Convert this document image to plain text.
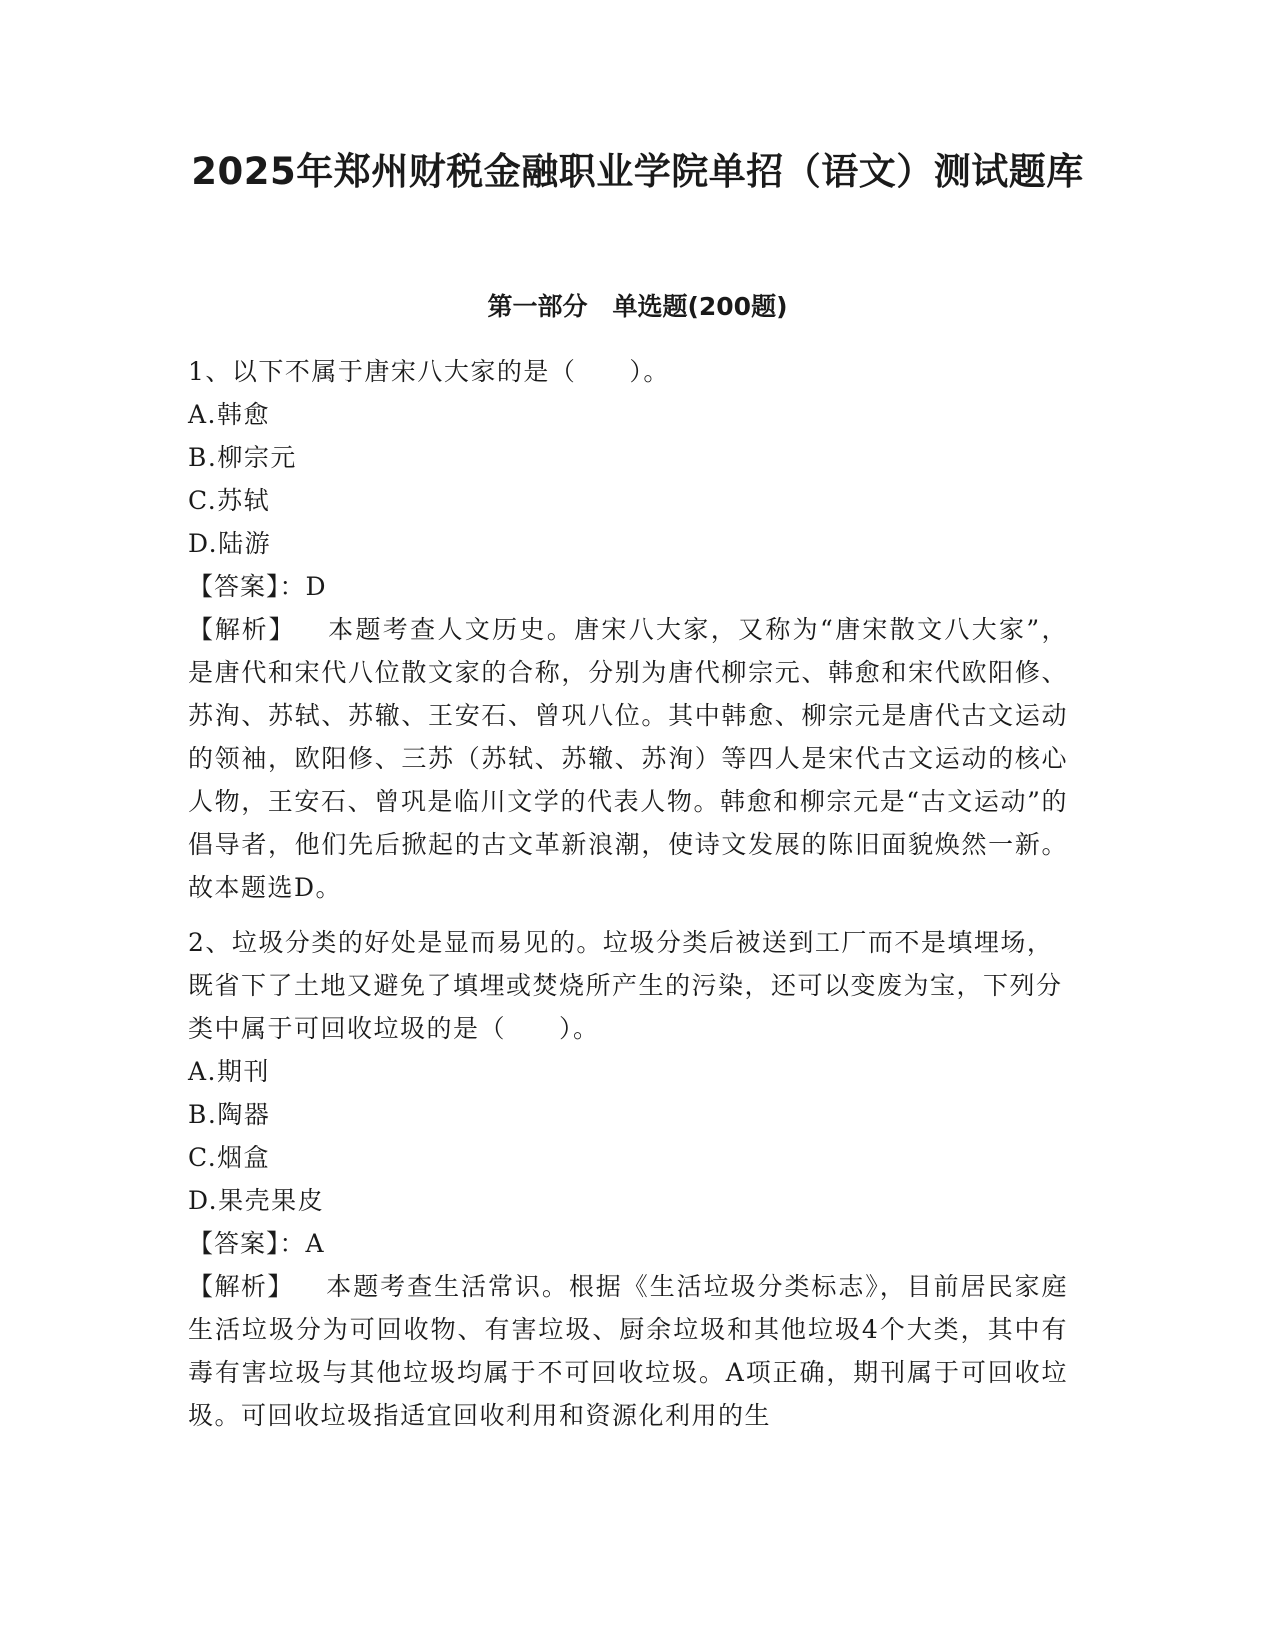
2025年郑州财税金融职业学院单招（语文）测试题库
第一部分　单选题(200题)

1、以下不属于唐宋八大家的是（　　）。

A.韩愈

B.柳宗元

C.苏轼

D.陆游

【答案】：D

【解析】 本题考查人文历史。唐宋八大家，又称为“唐宋散文八大家”，是唐代和宋代八位散文家的合称，分别为唐代柳宗元、韩愈和宋代欧阳修、苏洵、苏轼、苏辙、王安石、曾巩八位。其中韩愈、柳宗元是唐代古文运动的领袖，欧阳修、三苏（苏轼、苏辙、苏洵）等四人是宋代古文运动的核心人物，王安石、曾巩是临川文学的代表人物。韩愈和柳宗元是“古文运动”的倡导者，他们先后掀起的古文革新浪潮，使诗文发展的陈旧面貌焕然一新。故本题选D。

2、垃圾分类的好处是显而易见的。垃圾分类后被送到工厂而不是填埋场，既省下了土地又避免了填埋或焚烧所产生的污染，还可以变废为宝，下列分类中属于可回收垃圾的是（　　）。

A.期刊

B.陶器

C.烟盒

D.果壳果皮

【答案】：A

【解析】 本题考查生活常识。根据《生活垃圾分类标志》，目前居民家庭生活垃圾分为可回收物、有害垃圾、厨余垃圾和其他垃圾4个大类，其中有毒有害垃圾与其他垃圾均属于不可回收垃圾。A项正确，期刊属于可回收垃圾。可回收垃圾指适宜回收利用和资源化利用的生
